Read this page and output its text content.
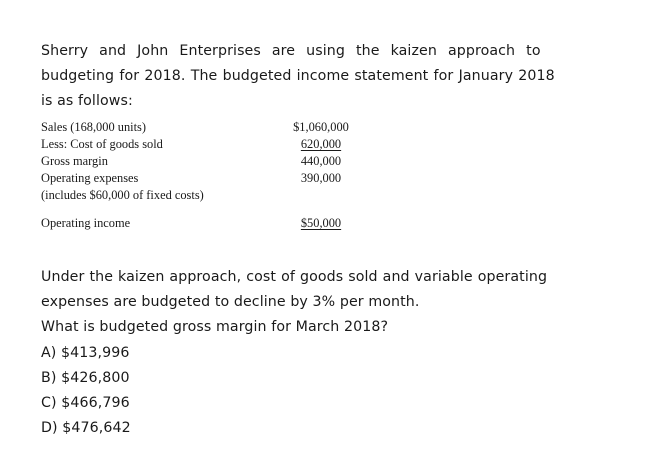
Sherry and John Enterprises are using the kaizen approach to
budgeting for 2018. The budgeted income statement for January 2018
is as follows:

Sales (168,000 units)	$1,060,000
Less: Cost of goods sold	620,000
Gross margin	440,000
Operating expenses	390,000
(includes $60,000 of fixed costs)
Operating income	$50,000

Under the kaizen approach, cost of goods sold and variable operating
expenses are budgeted to decline by 3% per month.
What is budgeted gross margin for March 2018?

A) $413,996
B) $426,800
C) $466,796
D) $476,642
